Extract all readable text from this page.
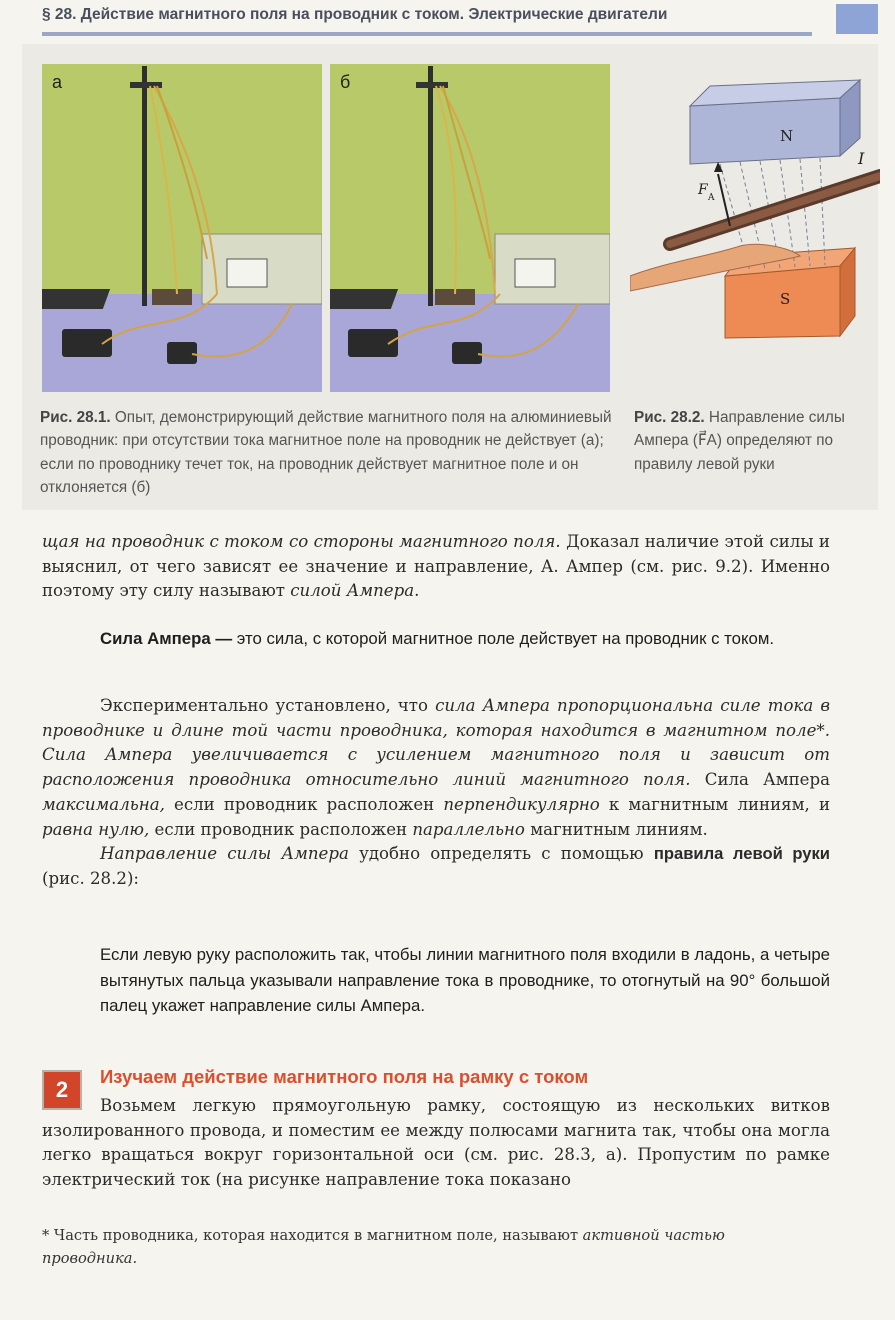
§ 28. Действие магнитного поля на проводник с током. Электрические двигатели
а	б
N
S
I
F A
Рис. 28.1. Опыт, демонстрирующий действие магнитного поля на алюминиевый проводник: при отсутствии тока магнитное поле на проводник не действует (а); если по проводнику течет ток, на проводник действует магнитное поле и он отклоняется (б)
Рис. 28.2. Направление силы Ампера (F⃗A) определяют по правилу левой руки
щая на проводник с током со стороны магнитного поля. Доказал наличие этой силы и выяснил, от чего зависят ее значение и направление, А. Ампер (см. рис. 9.2). Именно поэтому эту силу называют силой Ампера.
Сила Ампера — это сила, с которой магнитное поле действует на проводник с током.
Экспериментально установлено, что сила Ампера пропорциональна силе тока в проводнике и длине той части проводника, которая находится в магнитном поле*. Сила Ампера увеличивается с усилением магнитного поля и зависит от расположения проводника относительно линий магнитного поля. Сила Ампера максимальна, если проводник расположен перпендикулярно к магнитным линиям, и равна нулю, если проводник расположен параллельно магнитным линиям.
Направление силы Ампера удобно определять с помощью правила левой руки (рис. 28.2):
Если левую руку расположить так, чтобы линии магнитного поля входили в ладонь, а четыре вытянутых пальца указывали направление тока в проводнике, то отогнутый на 90° большой палец укажет направление силы Ампера.
2
Изучаем действие магнитного поля на рамку с током
Возьмем легкую прямоугольную рамку, состоящую из нескольких витков изолированного провода, и поместим ее между полюсами магнита так, чтобы она могла легко вращаться вокруг горизонтальной оси (см. рис. 28.3, а). Пропустим по рамке электрический ток (на рисунке направление тока показано
* Часть проводника, которая находится в магнитном поле, называют активной частью проводника.
